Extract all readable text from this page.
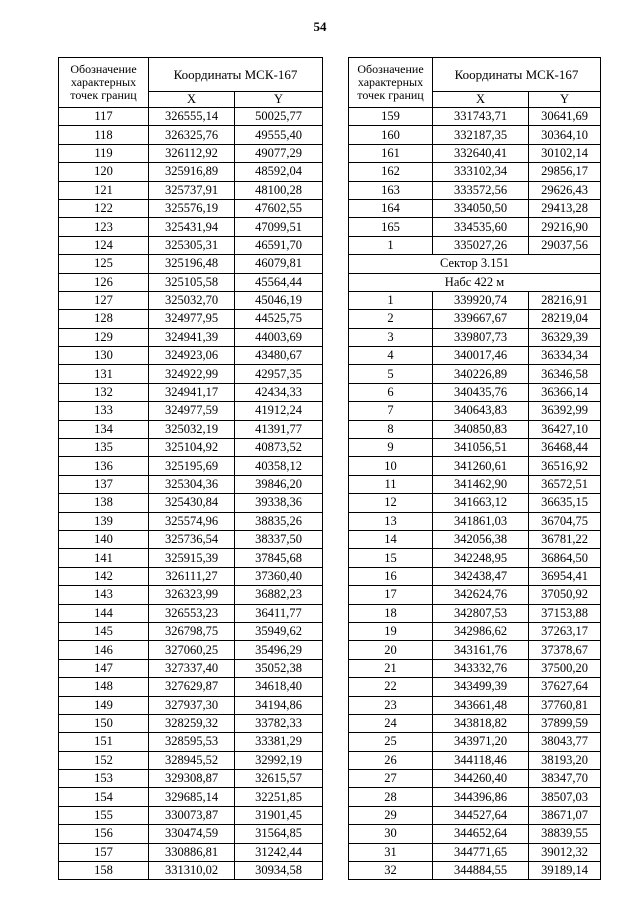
54
Обозначение
характерных
точек границ	Координаты МСК-167	
	X	Y
117	326555,14	50025,77
118	326325,76	49555,40
119	326112,92	49077,29
120	325916,89	48592,04
121	325737,91	48100,28
122	325576,19	47602,55
123	325431,94	47099,51
124	325305,31	46591,70
125	325196,48	46079,81
126	325105,58	45564,44
127	325032,70	45046,19
128	324977,95	44525,75
129	324941,39	44003,69
130	324923,06	43480,67
131	324922,99	42957,35
132	324941,17	42434,33
133	324977,59	41912,24
134	325032,19	41391,77
135	325104,92	40873,52
136	325195,69	40358,12
137	325304,36	39846,20
138	325430,84	39338,36
139	325574,96	38835,26
140	325736,54	38337,50
141	325915,39	37845,68
142	326111,27	37360,40
143	326323,99	36882,23
144	326553,23	36411,77
145	326798,75	35949,62
146	327060,25	35496,29
147	327337,40	35052,38
148	327629,87	34618,40
149	327937,30	34194,86
150	328259,32	33782,33
151	328595,53	33381,29
152	328945,52	32992,19
153	329308,87	32615,57
154	329685,14	32251,85
155	330073,87	31901,45
156	330474,59	31564,85
157	330886,81	31242,44
158	331310,02	30934,58
Обозначение
характерных
точек границ	Координаты МСК-167	
	X	Y
159	331743,71	30641,69
160	332187,35	30364,10
161	332640,41	30102,14
162	333102,34	29856,17
163	333572,56	29626,43
164	334050,50	29413,28
165	334535,60	29216,90
1	335027,26	29037,56
Сектор 3.151		
Набс 422 м		
1	339920,74	28216,91
2	339667,67	28219,04
3	339807,73	36329,39
4	340017,46	36334,34
5	340226,89	36346,58
6	340435,76	36366,14
7	340643,83	36392,99
8	340850,83	36427,10
9	341056,51	36468,44
10	341260,61	36516,92
11	341462,90	36572,51
12	341663,12	36635,15
13	341861,03	36704,75
14	342056,38	36781,22
15	342248,95	36864,50
16	342438,47	36954,41
17	342624,76	37050,92
18	342807,53	37153,88
19	342986,62	37263,17
20	343161,76	37378,67
21	343332,76	37500,20
22	343499,39	37627,64
23	343661,48	37760,81
24	343818,82	37899,59
25	343971,20	38043,77
26	344118,46	38193,20
27	344260,40	38347,70
28	344396,86	38507,03
29	344527,64	38671,07
30	344652,64	38839,55
31	344771,65	39012,32
32	344884,55	39189,14
